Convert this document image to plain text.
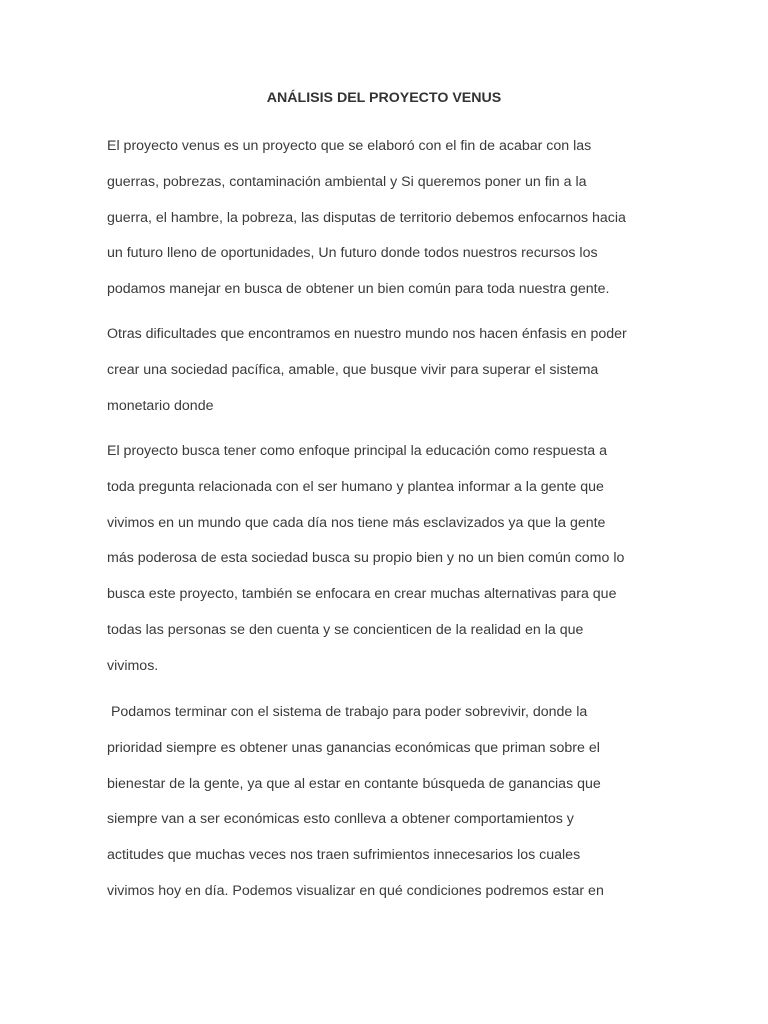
ANÁLISIS DEL PROYECTO VENUS

El proyecto venus es un proyecto que se elaboró con el fin de acabar con las
guerras, pobrezas, contaminación ambiental y Si queremos poner un fin a la
guerra, el hambre, la pobreza, las disputas de territorio debemos enfocarnos hacia
un futuro lleno de oportunidades, Un futuro donde todos nuestros recursos los
podamos manejar en busca de obtener un bien común para toda nuestra gente.

Otras dificultades que encontramos en nuestro mundo nos hacen énfasis en poder
crear una sociedad pacífica, amable, que busque vivir para superar el sistema
monetario donde

El proyecto busca tener como enfoque principal la educación como respuesta a
toda pregunta relacionada con el ser humano y plantea informar a la gente que
vivimos en un mundo que cada día nos tiene más esclavizados ya que la gente
más poderosa de esta sociedad busca su propio bien y no un bien común como lo
busca este proyecto, también se enfocara en crear muchas alternativas para que
todas las personas se den cuenta y se concienticen de la realidad en la que
vivimos.

Podamos terminar con el sistema de trabajo para poder sobrevivir, donde la
prioridad siempre es obtener unas ganancias económicas que priman sobre el
bienestar de la gente, ya que al estar en contante búsqueda de ganancias que
siempre van a ser económicas esto conlleva a obtener comportamientos y
actitudes que muchas veces nos traen sufrimientos innecesarios los cuales
vivimos hoy en día. Podemos visualizar en qué condiciones podremos estar en
